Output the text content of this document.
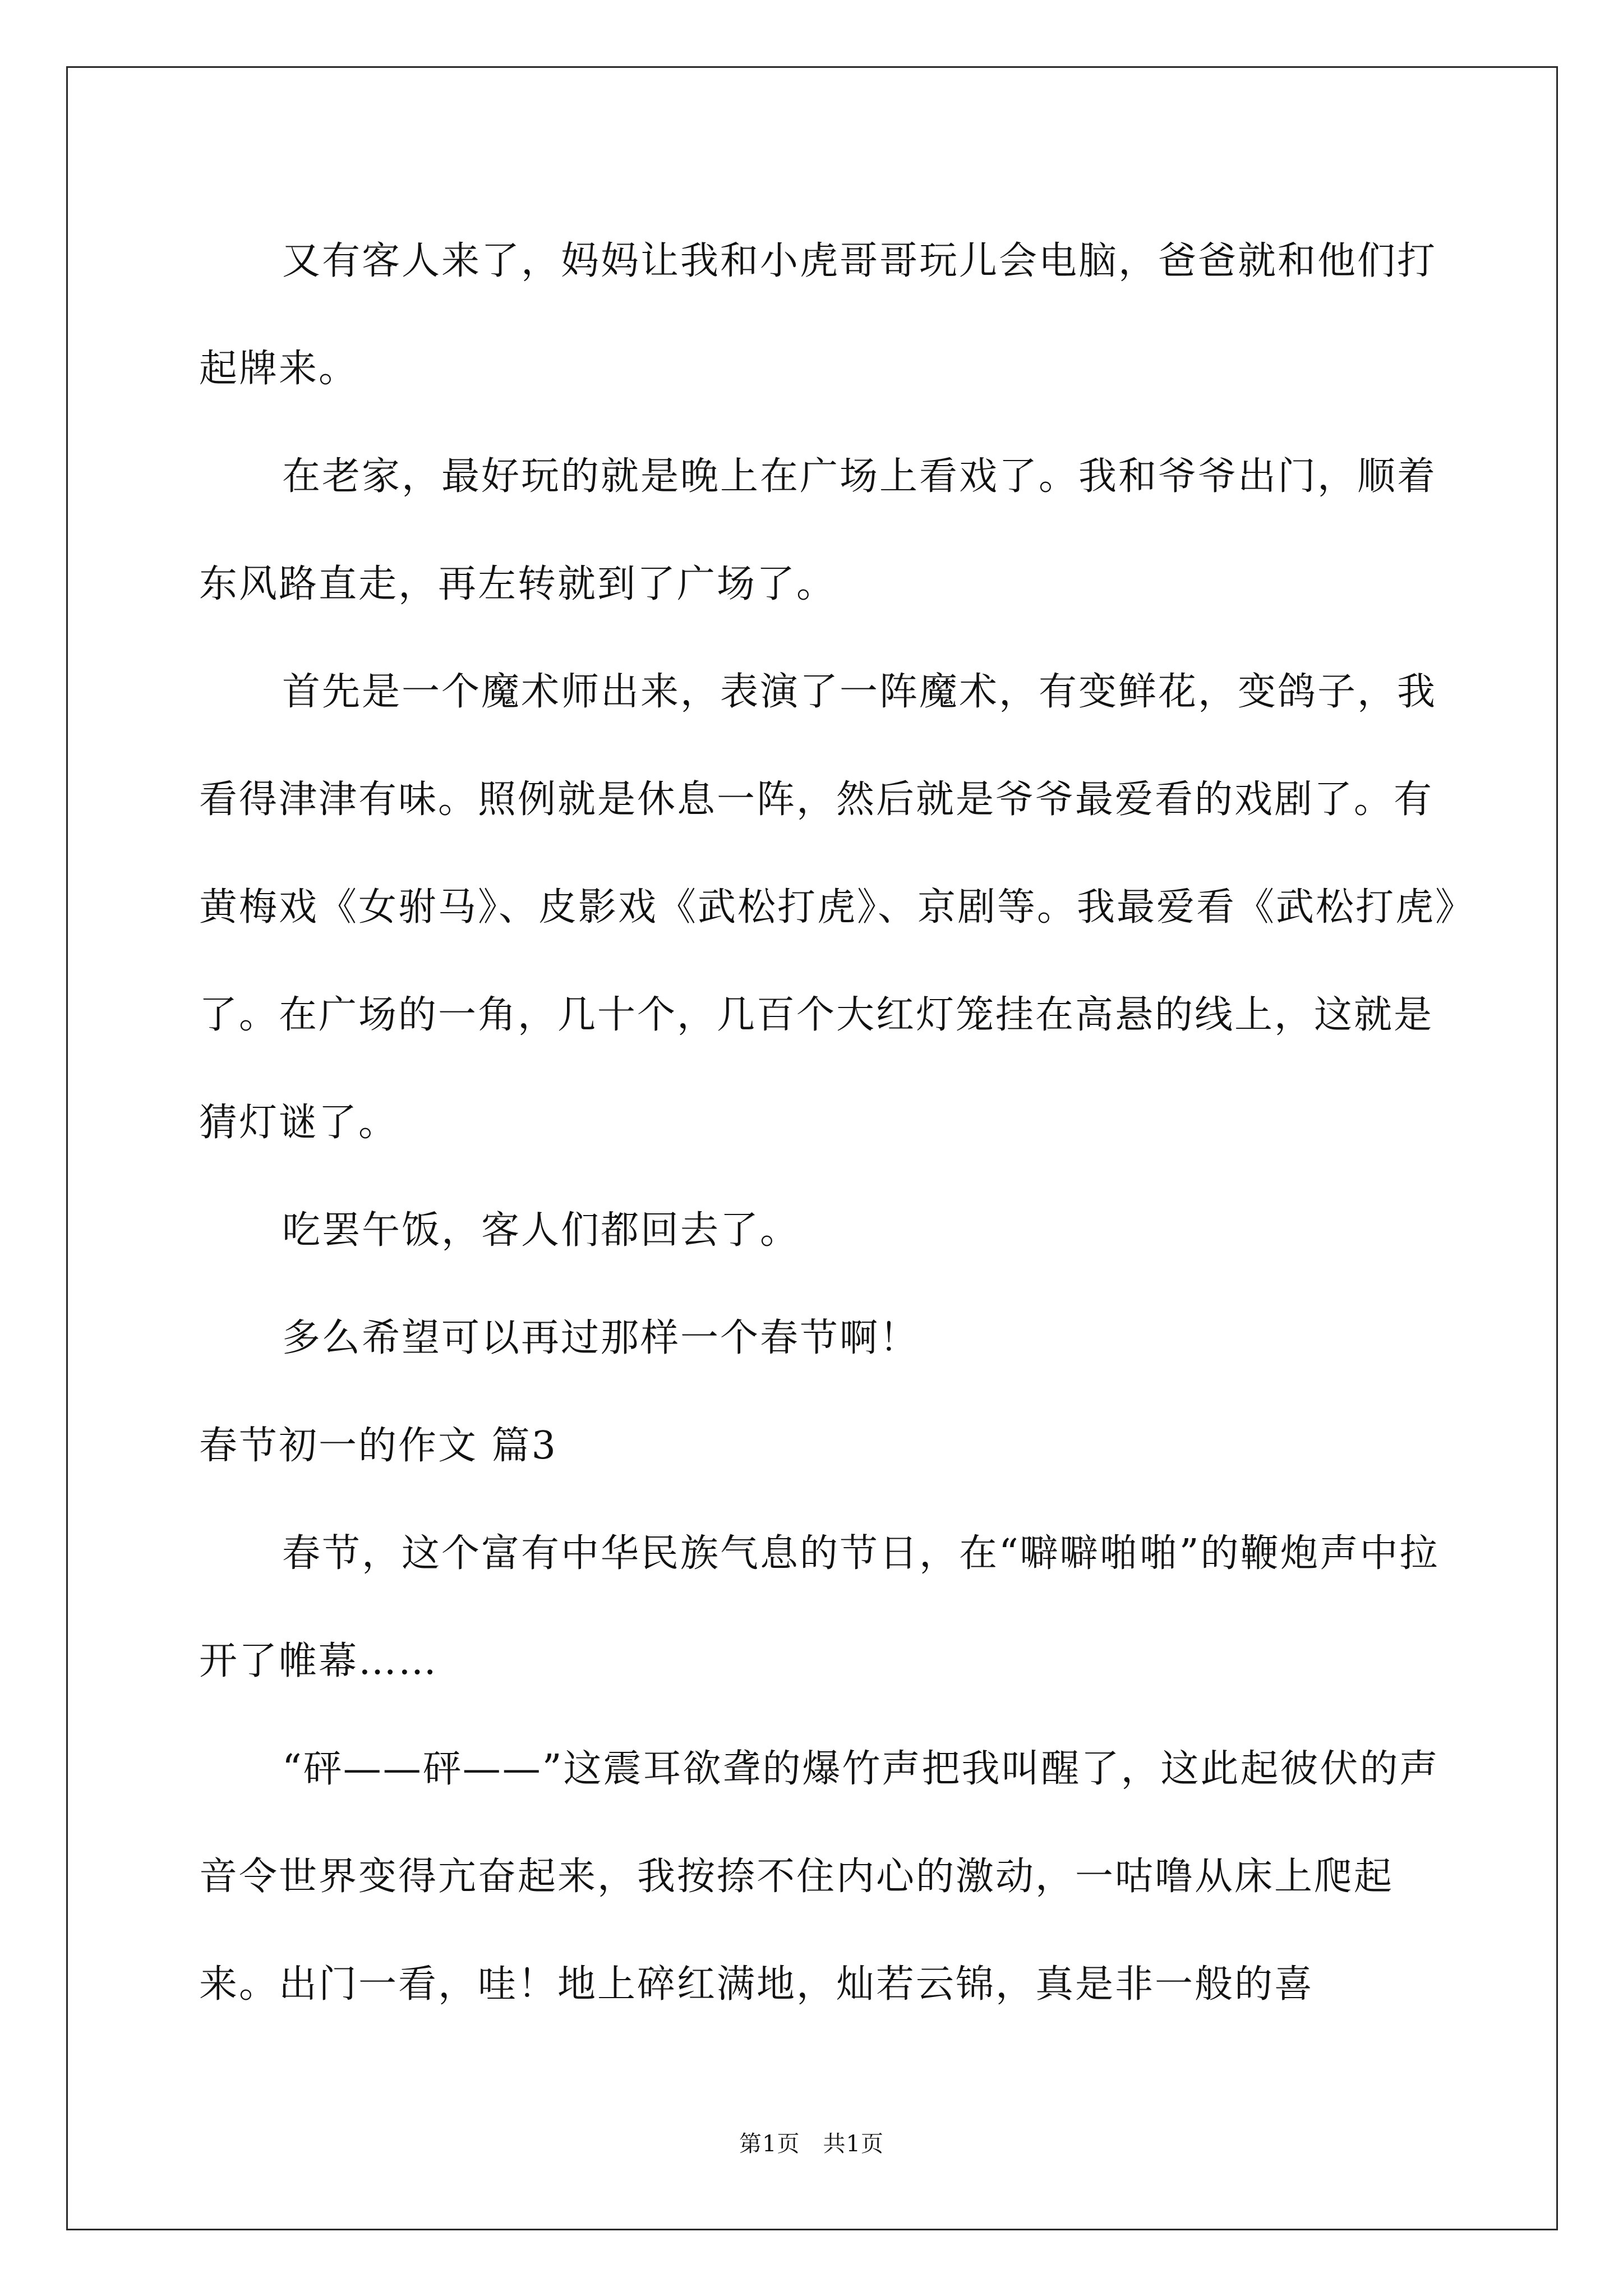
又有客人来了，妈妈让我和小虎哥哥玩儿会电脑，爸爸就和他们打起牌来。

在老家，最好玩的就是晚上在广场上看戏了。我和爷爷出门，顺着东风路直走，再左转就到了广场了。

首先是一个魔术师出来，表演了一阵魔术，有变鲜花，变鸽子，我看得津津有味。照例就是休息一阵，然后就是爷爷最爱看的戏剧了。有黄梅戏《女驸马》、皮影戏《武松打虎》、京剧等。我最爱看《武松打虎》了。在广场的一角，几十个，几百个大红灯笼挂在高悬的线上，这就是猜灯谜了。

吃罢午饭，客人们都回去了。

多么希望可以再过那样一个春节啊！

春节初一的作文 篇3

春节，这个富有中华民族气息的节日，在“噼噼啪啪”的鞭炮声中拉开了帷幕……

“砰——砰——”这震耳欲聋的爆竹声把我叫醒了，这此起彼伏的声音令世界变得亢奋起来，我按捺不住内心的激动，一咕噜从床上爬起来。出门一看，哇！地上碎红满地，灿若云锦，真是非一般的喜

第1页　共1页
